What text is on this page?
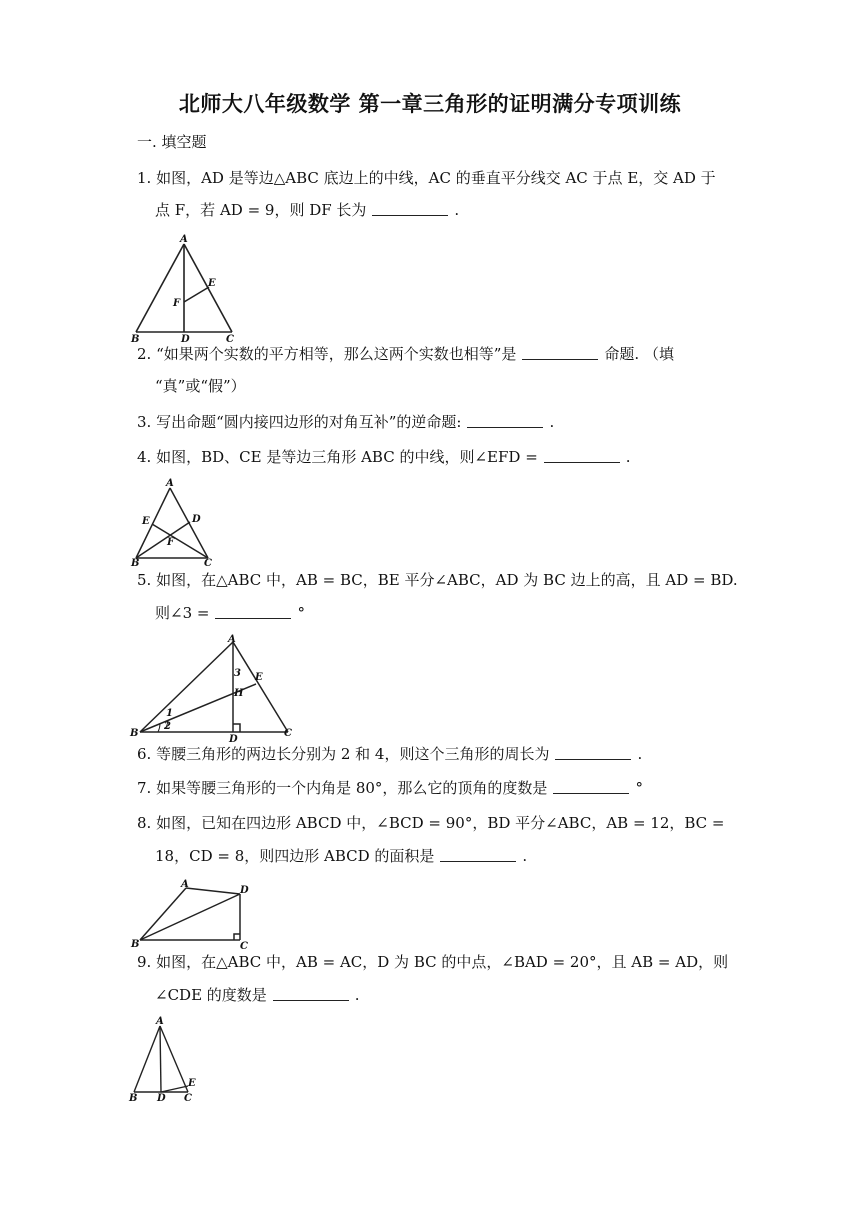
北师大八年级数学 第一章三角形的证明满分专项训练
一. 填空题
1. 如图，AD 是等边△ABC 底边上的中线，AC 的垂直平分线交 AC 于点 E，交 AD 于
点 F，若 AD = 9，则 DF 长为	.
A
E
F
B	D	C
2. “如果两个实数的平方相等，那么这两个实数也相等”是	命题. （填
“真”或“假”）
3. 写出命题“圆内接四边形的对角互补”的逆命题:	.
4. 如图，BD、CE 是等边三角形 ABC 的中线，则∠EFD =	.
A
E	D
F
B	C
5. 如图，在△ABC 中，AB = BC，BE 平分∠ABC，AD 为 BC 边上的高，且 AD = BD.
则∠3 =	°
A
3 E
H
1
2
B
D
C
6. 等腰三角形的两边长分别为 2 和 4，则这个三角形的周长为	.
7. 如果等腰三角形的一个内角是 80°，那么它的顶角的度数是	°
8. 如图，已知在四边形 ABCD 中，∠BCD = 90°，BD 平分∠ABC，AB = 12，BC =
18，CD = 8，则四边形 ABCD 的面积是	.
A
D
B	C
9. 如图，在△ABC 中，AB = AC，D 为 BC 的中点，∠BAD = 20°，且 AB = AD，则
∠CDE 的度数是	.
A
E
B D C
